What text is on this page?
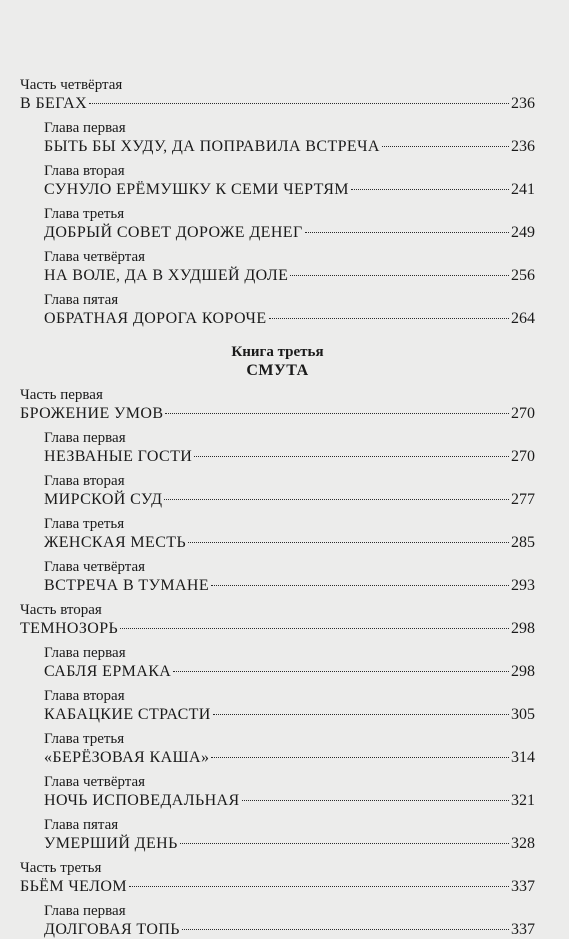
Часть четвёртая
В БЕГАХ	236
Глава первая
БЫТЬ БЫ ХУДУ, ДА ПОПРАВИЛА ВСТРЕЧА	236
Глава вторая
СУНУЛО ЕРЁМУШКУ К СЕМИ ЧЕРТЯМ	241
Глава третья
ДОБРЫЙ СОВЕТ ДОРОЖЕ ДЕНЕГ	249
Глава четвёртая
НА ВОЛЕ, ДА В ХУДШЕЙ ДОЛЕ	256
Глава пятая
ОБРАТНАЯ ДОРОГА КОРОЧЕ	264
Книга третья
СМУТА
Часть первая
БРОЖЕНИЕ УМОВ	270
Глава первая
НЕЗВАНЫЕ ГОСТИ	270
Глава вторая
МИРСКОЙ СУД	277
Глава третья
ЖЕНСКАЯ МЕСТЬ	285
Глава четвёртая
ВСТРЕЧА В ТУМАНЕ	293
Часть вторая
ТЕМНОЗОРЬ	298
Глава первая
САБЛЯ ЕРМАКА	298
Глава вторая
КАБАЦКИЕ СТРАСТИ	305
Глава третья
«БЕРЁЗОВАЯ КАША»	314
Глава четвёртая
НОЧЬ ИСПОВЕДАЛЬНАЯ	321
Глава пятая
УМЕРШИЙ ДЕНЬ	328
Часть третья
БЬЁМ ЧЕЛОМ	337
Глава первая
ДОЛГОВАЯ ТОПЬ	337
